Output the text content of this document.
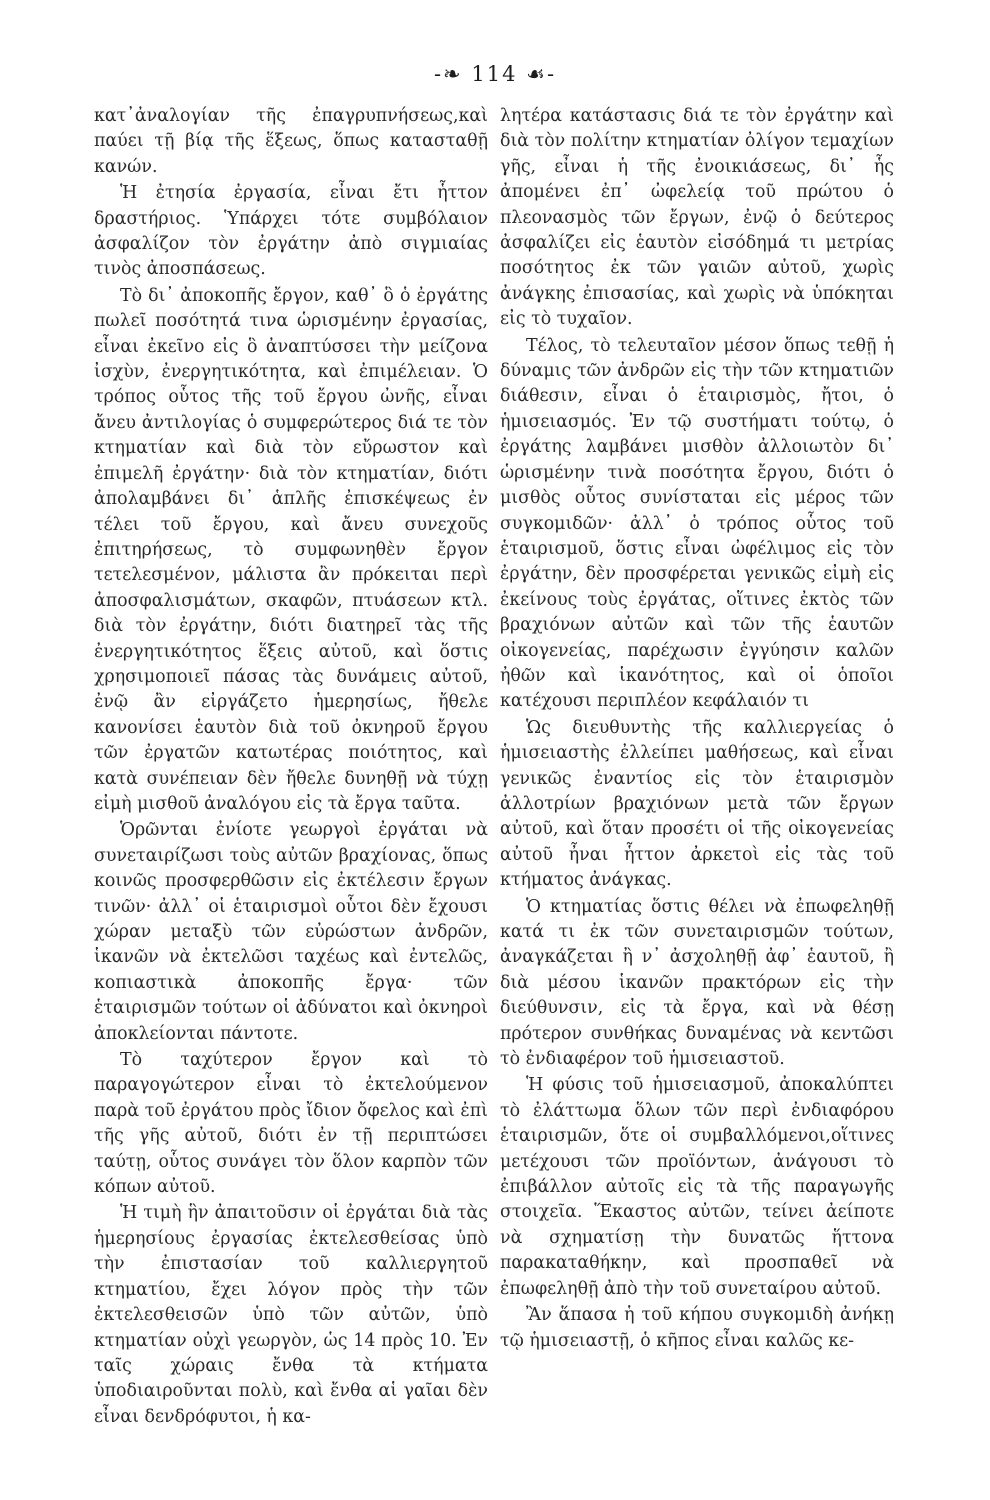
-❧ 114 ☙-

κατ᾽ἀναλογίαν τῆς ἐπαγρυπνήσεως,καὶ παύει τῇ βίᾳ τῆς ἕξεως, ὅπως κατασταθῇ κανών.

Ἡ ἐτησία ἐργασία, εἶναι ἔτι ἧττον δραστήριος. Ὑπάρχει τότε συμβόλαιον ἀσφαλίζον τὸν ἐργάτην ἀπὸ σιγμιαίας τινὸς ἀποσπάσεως.

Τὸ δι᾽ ἀποκοπῆς ἔργον, καθ᾽ ὃ ὁ ἐργάτης πωλεῖ ποσότητά τινα ὡρισμένην ἐργασίας, εἶναι ἐκεῖνο εἰς ὃ ἀναπτύσσει τὴν μείζονα ἰσχὺν, ἐνεργητικότητα, καὶ ἐπιμέλειαν. Ὁ τρόπος οὗτος τῆς τοῦ ἔργου ὠνῆς, εἶναι ἄνευ ἀντιλογίας ὁ συμφερώτερος διά τε τὸν κτηματίαν καὶ διὰ τὸν εὔρωστον καὶ ἐπιμελῆ ἐργάτην· διὰ τὸν κτηματίαν, διότι ἀπολαμβάνει δι᾽ ἁπλῆς ἐπισκέψεως ἐν τέλει τοῦ ἔργου, καὶ ἄνευ συνεχοῦς ἐπιτηρήσεως, τὸ συμφωνηθὲν ἔργον τετελεσμένον, μάλιστα ἂν πρόκειται περὶ ἀποσφαλισμάτων, σκαφῶν, πτυάσεων κτλ. διὰ τὸν ἐργάτην, διότι διατηρεῖ τὰς τῆς ἐνεργητικότητος ἕξεις αὐτοῦ, καὶ ὅστις χρησιμοποιεῖ πάσας τὰς δυνάμεις αὐτοῦ, ἐνῷ ἂν εἰργάζετο ἡμερησίως, ἤθελε κανονίσει ἑαυτὸν διὰ τοῦ ὀκνηροῦ ἔργου τῶν ἐργατῶν κατωτέρας ποιότητος, καὶ κατὰ συνέπειαν δὲν ἤθελε δυνηθῇ νὰ τύχῃ εἰμὴ μισθοῦ ἀναλόγου εἰς τὰ ἔργα ταῦτα.

Ὁρῶνται ἐνίοτε γεωργοὶ ἐργάται νὰ συνεταιρίζωσι τοὺς αὐτῶν βραχίονας, ὅπως κοινῶς προσφερθῶσιν εἰς ἐκτέλεσιν ἔργων τινῶν· ἀλλ᾽ οἱ ἑταιρισμοὶ οὗτοι δὲν ἔχουσι χώραν μεταξὺ τῶν εὐρώστων ἀνδρῶν, ἱκανῶν νὰ ἐκτελῶσι ταχέως καὶ ἐντελῶς, κοπιαστικὰ ἀποκοπῆς ἔργα· τῶν ἑταιρισμῶν τούτων οἱ ἀδύνατοι καὶ ὀκνηροὶ ἀποκλείονται πάντοτε.

Τὸ ταχύτερον ἔργον καὶ τὸ παραγογώτερον εἶναι τὸ ἐκτελούμενον παρὰ τοῦ ἐργάτου πρὸς ἴδιον ὄφελος καὶ ἐπὶ τῆς γῆς αὐτοῦ, διότι ἐν τῇ περιπτώσει ταύτῃ, οὗτος συνάγει τὸν ὅλον καρπὸν τῶν κόπων αὐτοῦ.

Ἡ τιμὴ ἣν ἀπαιτοῦσιν οἱ ἐργάται διὰ τὰς ἡμερησίους ἐργασίας ἐκτελεσθείσας ὑπὸ τὴν ἐπιστασίαν τοῦ καλλιεργητοῦ κτηματίου, ἔχει λόγον πρὸς τὴν τῶν ἐκτελεσθεισῶν ὑπὸ τῶν αὐτῶν, ὑπὸ κτηματίαν οὐχὶ γεωργὸν, ὡς 14 πρὸς 10. Ἐν ταῖς χώραις ἔνθα τὰ κτήματα ὑποδιαιροῦνται πολὺ, καὶ ἔνθα αἱ γαῖαι δὲν εἶναι δενδρόφυτοι, ἡ κα-

λητέρα κατάστασις διά τε τὸν ἐργάτην καὶ διὰ τὸν πολίτην κτηματίαν ὀλίγον τεμαχίων γῆς, εἶναι ἡ τῆς ἐνοικιάσεως, δι᾽ ἧς ἀπομένει ἐπ᾽ ὠφελείᾳ τοῦ πρώτου ὁ πλεονασμὸς τῶν ἔργων, ἐνῷ ὁ δεύτερος ἀσφαλίζει εἰς ἑαυτὸν εἰσόδημά τι μετρίας ποσότητος ἐκ τῶν γαιῶν αὐτοῦ, χωρὶς ἀνάγκης ἐπισασίας, καὶ χωρὶς νὰ ὑπόκηται εἰς τὸ τυχαῖον.

Τέλος, τὸ τελευταῖον μέσον ὅπως τεθῇ ἡ δύναμις τῶν ἀνδρῶν εἰς τὴν τῶν κτηματιῶν διάθεσιν, εἶναι ὁ ἑταιρισμὸς, ἤτοι, ὁ ἡμισειασμός. Ἐν τῷ συστήματι τούτῳ, ὁ ἐργάτης λαμβάνει μισθὸν ἀλλοιωτὸν δι᾽ ὡρισμένην τινὰ ποσότητα ἔργου, διότι ὁ μισθὸς οὗτος συνίσταται εἰς μέρος τῶν συγκομιδῶν· ἀλλ᾽ ὁ τρόπος οὗτος τοῦ ἑταιρισμοῦ, ὅστις εἶναι ὠφέλιμος εἰς τὸν ἐργάτην, δὲν προσφέρεται γενικῶς εἰμὴ εἰς ἐκείνους τοὺς ἐργάτας, οἵτινες ἐκτὸς τῶν βραχιόνων αὐτῶν καὶ τῶν τῆς ἑαυτῶν οἰκογενείας, παρέχωσιν ἐγγύησιν καλῶν ἠθῶν καὶ ἱκανότητος, καὶ οἱ ὁποῖοι κατέχουσι περιπλέον κεφάλαιόν τι

Ὡς διευθυντὴς τῆς καλλιεργείας ὁ ἡμισειαστὴς ἐλλείπει μαθήσεως, καὶ εἶναι γενικῶς ἐναντίος εἰς τὸν ἑταιρισμὸν ἀλλοτρίων βραχιόνων μετὰ τῶν ἔργων αὐτοῦ, καὶ ὅταν προσέτι οἱ τῆς οἰκογενείας αὐτοῦ ἦναι ἧττον ἀρκετοὶ εἰς τὰς τοῦ κτήματος ἀνάγκας.

Ὁ κτηματίας ὅστις θέλει νὰ ἐπωφεληθῇ κατά τι ἐκ τῶν συνεταιρισμῶν τούτων, ἀναγκάζεται ἢ ν᾽ ἀσχοληθῇ ἀφ᾽ ἑαυτοῦ, ἢ διὰ μέσου ἱκανῶν πρακτόρων εἰς τὴν διεύθυνσιν, εἰς τὰ ἔργα, καὶ νὰ θέσῃ πρότερον συνθήκας δυναμένας νὰ κεντῶσι τὸ ἐνδιαφέρον τοῦ ἡμισειαστοῦ.

Ἡ φύσις τοῦ ἡμισειασμοῦ, ἀποκαλύπτει τὸ ἐλάττωμα ὅλων τῶν περὶ ἐνδιαφόρου ἑταιρισμῶν, ὅτε οἱ συμβαλλόμενοι,οἵτινες μετέχουσι τῶν προϊόντων, ἀνάγουσι τὸ ἐπιβάλλον αὐτοῖς εἰς τὰ τῆς παραγωγῆς στοιχεῖα. Ἕκαστος αὐτῶν, τείνει ἀείποτε νὰ σχηματίσῃ τὴν δυνατῶς ἥττονα παρακαταθήκην, καὶ προσπαθεῖ νὰ ἐπωφεληθῇ ἀπὸ τὴν τοῦ συνεταίρου αὐτοῦ.

Ἂν ἅπασα ἡ τοῦ κήπου συγκομιδὴ ἀνήκῃ τῷ ἡμισειαστῇ, ὁ κῆπος εἶναι καλῶς κε-
